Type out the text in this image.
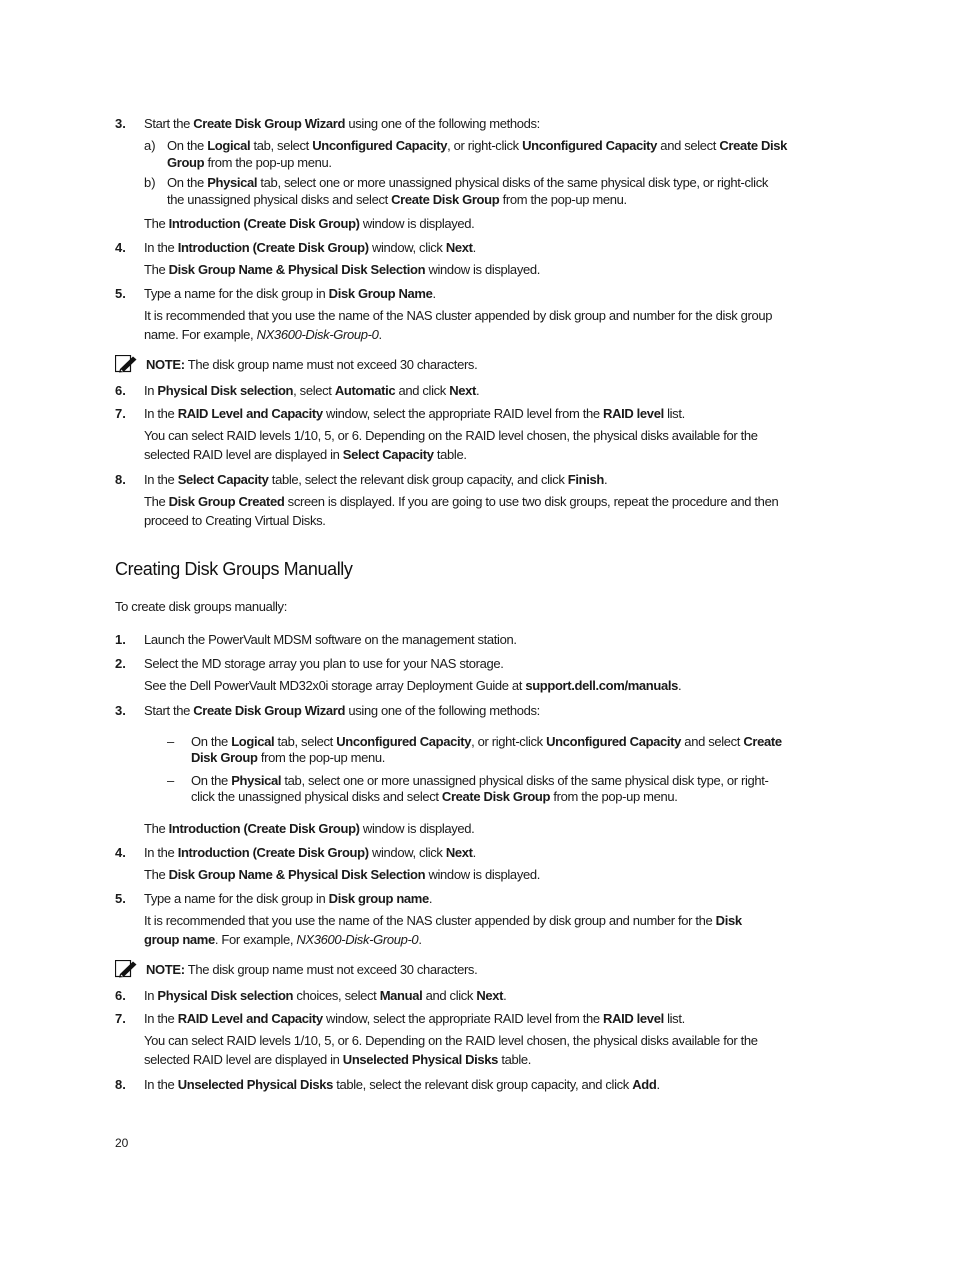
3. Start the Create Disk Group Wizard using one of the following methods:
a) On the Logical tab, select Unconfigured Capacity, or right-click Unconfigured Capacity and select Create Disk
Group from the pop-up menu.
b) On the Physical tab, select one or more unassigned physical disks of the same physical disk type, or right-click
the unassigned physical disks and select Create Disk Group from the pop-up menu.
The Introduction (Create Disk Group) window is displayed.
4. In the Introduction (Create Disk Group) window, click Next.
The Disk Group Name & Physical Disk Selection window is displayed.
5. Type a name for the disk group in Disk Group Name.
It is recommended that you use the name of the NAS cluster appended by disk group and number for the disk group
name. For example, NX3600-Disk-Group-0.
NOTE: The disk group name must not exceed 30 characters.
6. In Physical Disk selection, select Automatic and click Next.
7. In the RAID Level and Capacity window, select the appropriate RAID level from the RAID level list.
You can select RAID levels 1/10, 5, or 6. Depending on the RAID level chosen, the physical disks available for the
selected RAID level are displayed in Select Capacity table.
8. In the Select Capacity table, select the relevant disk group capacity, and click Finish.
The Disk Group Created screen is displayed. If you are going to use two disk groups, repeat the procedure and then
proceed to Creating Virtual Disks.
Creating Disk Groups Manually
To create disk groups manually:
1. Launch the PowerVault MDSM software on the management station.
2. Select the MD storage array you plan to use for your NAS storage.
See the Dell PowerVault MD32x0i storage array Deployment Guide at support.dell.com/manuals.
3. Start the Create Disk Group Wizard using one of the following methods:
– On the Logical tab, select Unconfigured Capacity, or right-click Unconfigured Capacity and select Create
Disk Group from the pop-up menu.
– On the Physical tab, select one or more unassigned physical disks of the same physical disk type, or right-
click the unassigned physical disks and select Create Disk Group from the pop-up menu.
The Introduction (Create Disk Group) window is displayed.
4. In the Introduction (Create Disk Group) window, click Next.
The Disk Group Name & Physical Disk Selection window is displayed.
5. Type a name for the disk group in Disk group name.
It is recommended that you use the name of the NAS cluster appended by disk group and number for the Disk
group name. For example, NX3600-Disk-Group-0.
NOTE: The disk group name must not exceed 30 characters.
6. In Physical Disk selection choices, select Manual and click Next.
7. In the RAID Level and Capacity window, select the appropriate RAID level from the RAID level list.
You can select RAID levels 1/10, 5, or 6. Depending on the RAID level chosen, the physical disks available for the
selected RAID level are displayed in Unselected Physical Disks table.
8. In the Unselected Physical Disks table, select the relevant disk group capacity, and click Add.
20
